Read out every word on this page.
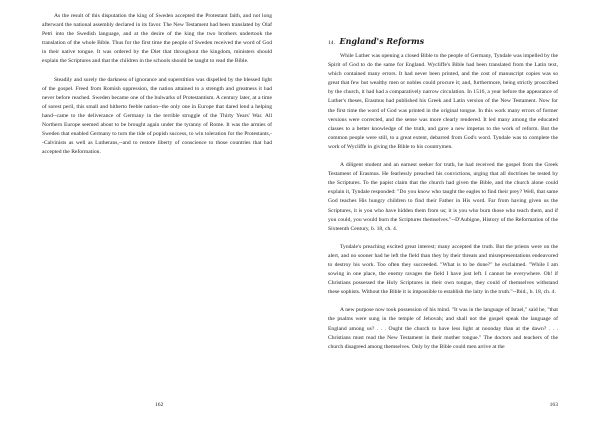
As the result of this disputation the king of Sweden accepted the Protestant faith, and not long afterward the national assembly declared in its favor. The New Testament had been translated by Olaf Petri into the Swedish language, and at the desire of the king the two brothers undertook the translation of the whole Bible. Thus for the first time the people of Sweden received the word of God in their native tongue. It was ordered by the Diet that throughout the kingdom, ministers should explain the Scriptures and that the children in the schools should be taught to read the Bible.

Steadily and surely the darkness of ignorance and superstition was dispelled by the blessed light of the gospel. Freed from Romish oppression, the nation attained to a strength and greatness it had never before reached. Sweden became one of the bulwarks of Protestantism. A century later, at a time of sorest peril, this small and hitherto feeble nation--the only one in Europe that dared lend a helping hand--came to the deliverance of Germany in the terrible struggle of the Thirty Years' War. All Northern Europe seemed about to be brought again under the tyranny of Rome. It was the armies of Sweden that enabled Germany to turn the tide of popish success, to win toleration for the Protestants,--Calvinists as well as Lutherans,--and to restore liberty of conscience to those countries that had accepted the Reformation.

162
14. England's Reforms

While Luther was opening a closed Bible to the people of Germany, Tyndale was impelled by the Spirit of God to do the same for England. Wycliffe's Bible had been translated from the Latin text, which contained many errors. It had never been printed, and the cost of manuscript copies was so great that few but wealthy men or nobles could procure it; and, furthermore, being strictly proscribed by the church, it had had a comparatively narrow circulation. In 1516, a year before the appearance of Luther's theses, Erasmus had published his Greek and Latin version of the New Testament. Now for the first time the word of God was printed in the original tongue. In this work many errors of former versions were corrected, and the sense was more clearly rendered. It led many among the educated classes to a better knowledge of the truth, and gave a new impetus to the work of reform. But the common people were still, to a great extent, debarred from God's word. Tyndale was to complete the work of Wycliffe in giving the Bible to his countrymen.

A diligent student and an earnest seeker for truth, he had received the gospel from the Greek Testament of Erasmus. He fearlessly preached his convictions, urging that all doctrines be tested by the Scriptures. To the papist claim that the church had given the Bible, and the church alone could explain it, Tyndale responded: "Do you know who taught the eagles to find their prey? Well, that same God teaches His hungry children to find their Father in His word. Far from having given us the Scriptures, it is you who have hidden them from us; it is you who burn those who teach them, and if you could, you would burn the Scriptures themselves."--D'Aubigne, History of the Reformation of the Sixteenth Century, b. 18, ch. 4.

Tyndale's preaching excited great interest; many accepted the truth. But the priests were on the alert, and no sooner had he left the field than they by their threats and misrepresentations endeavored to destroy his work. Too often they succeeded. "What is to be done?" he exclaimed. "While I am sowing in one place, the enemy ravages the field I have just left. I cannot be everywhere. Oh! if Christians possessed the Holy Scriptures in their own tongue, they could of themselves withstand these sophists. Without the Bible it is impossible to establish the laity in the truth."--Ibid., b. 18, ch. 4.

A new purpose now took possession of his mind. "It was in the language of Israel," said he, "that the psalms were sung in the temple of Jehovah; and shall not the gospel speak the language of England among us? . . . Ought the church to have less light at noonday than at the dawn? . . . Christians must read the New Testament in their mother tongue." The doctors and teachers of the church disagreed among themselves. Only by the Bible could men arrive at the

163
